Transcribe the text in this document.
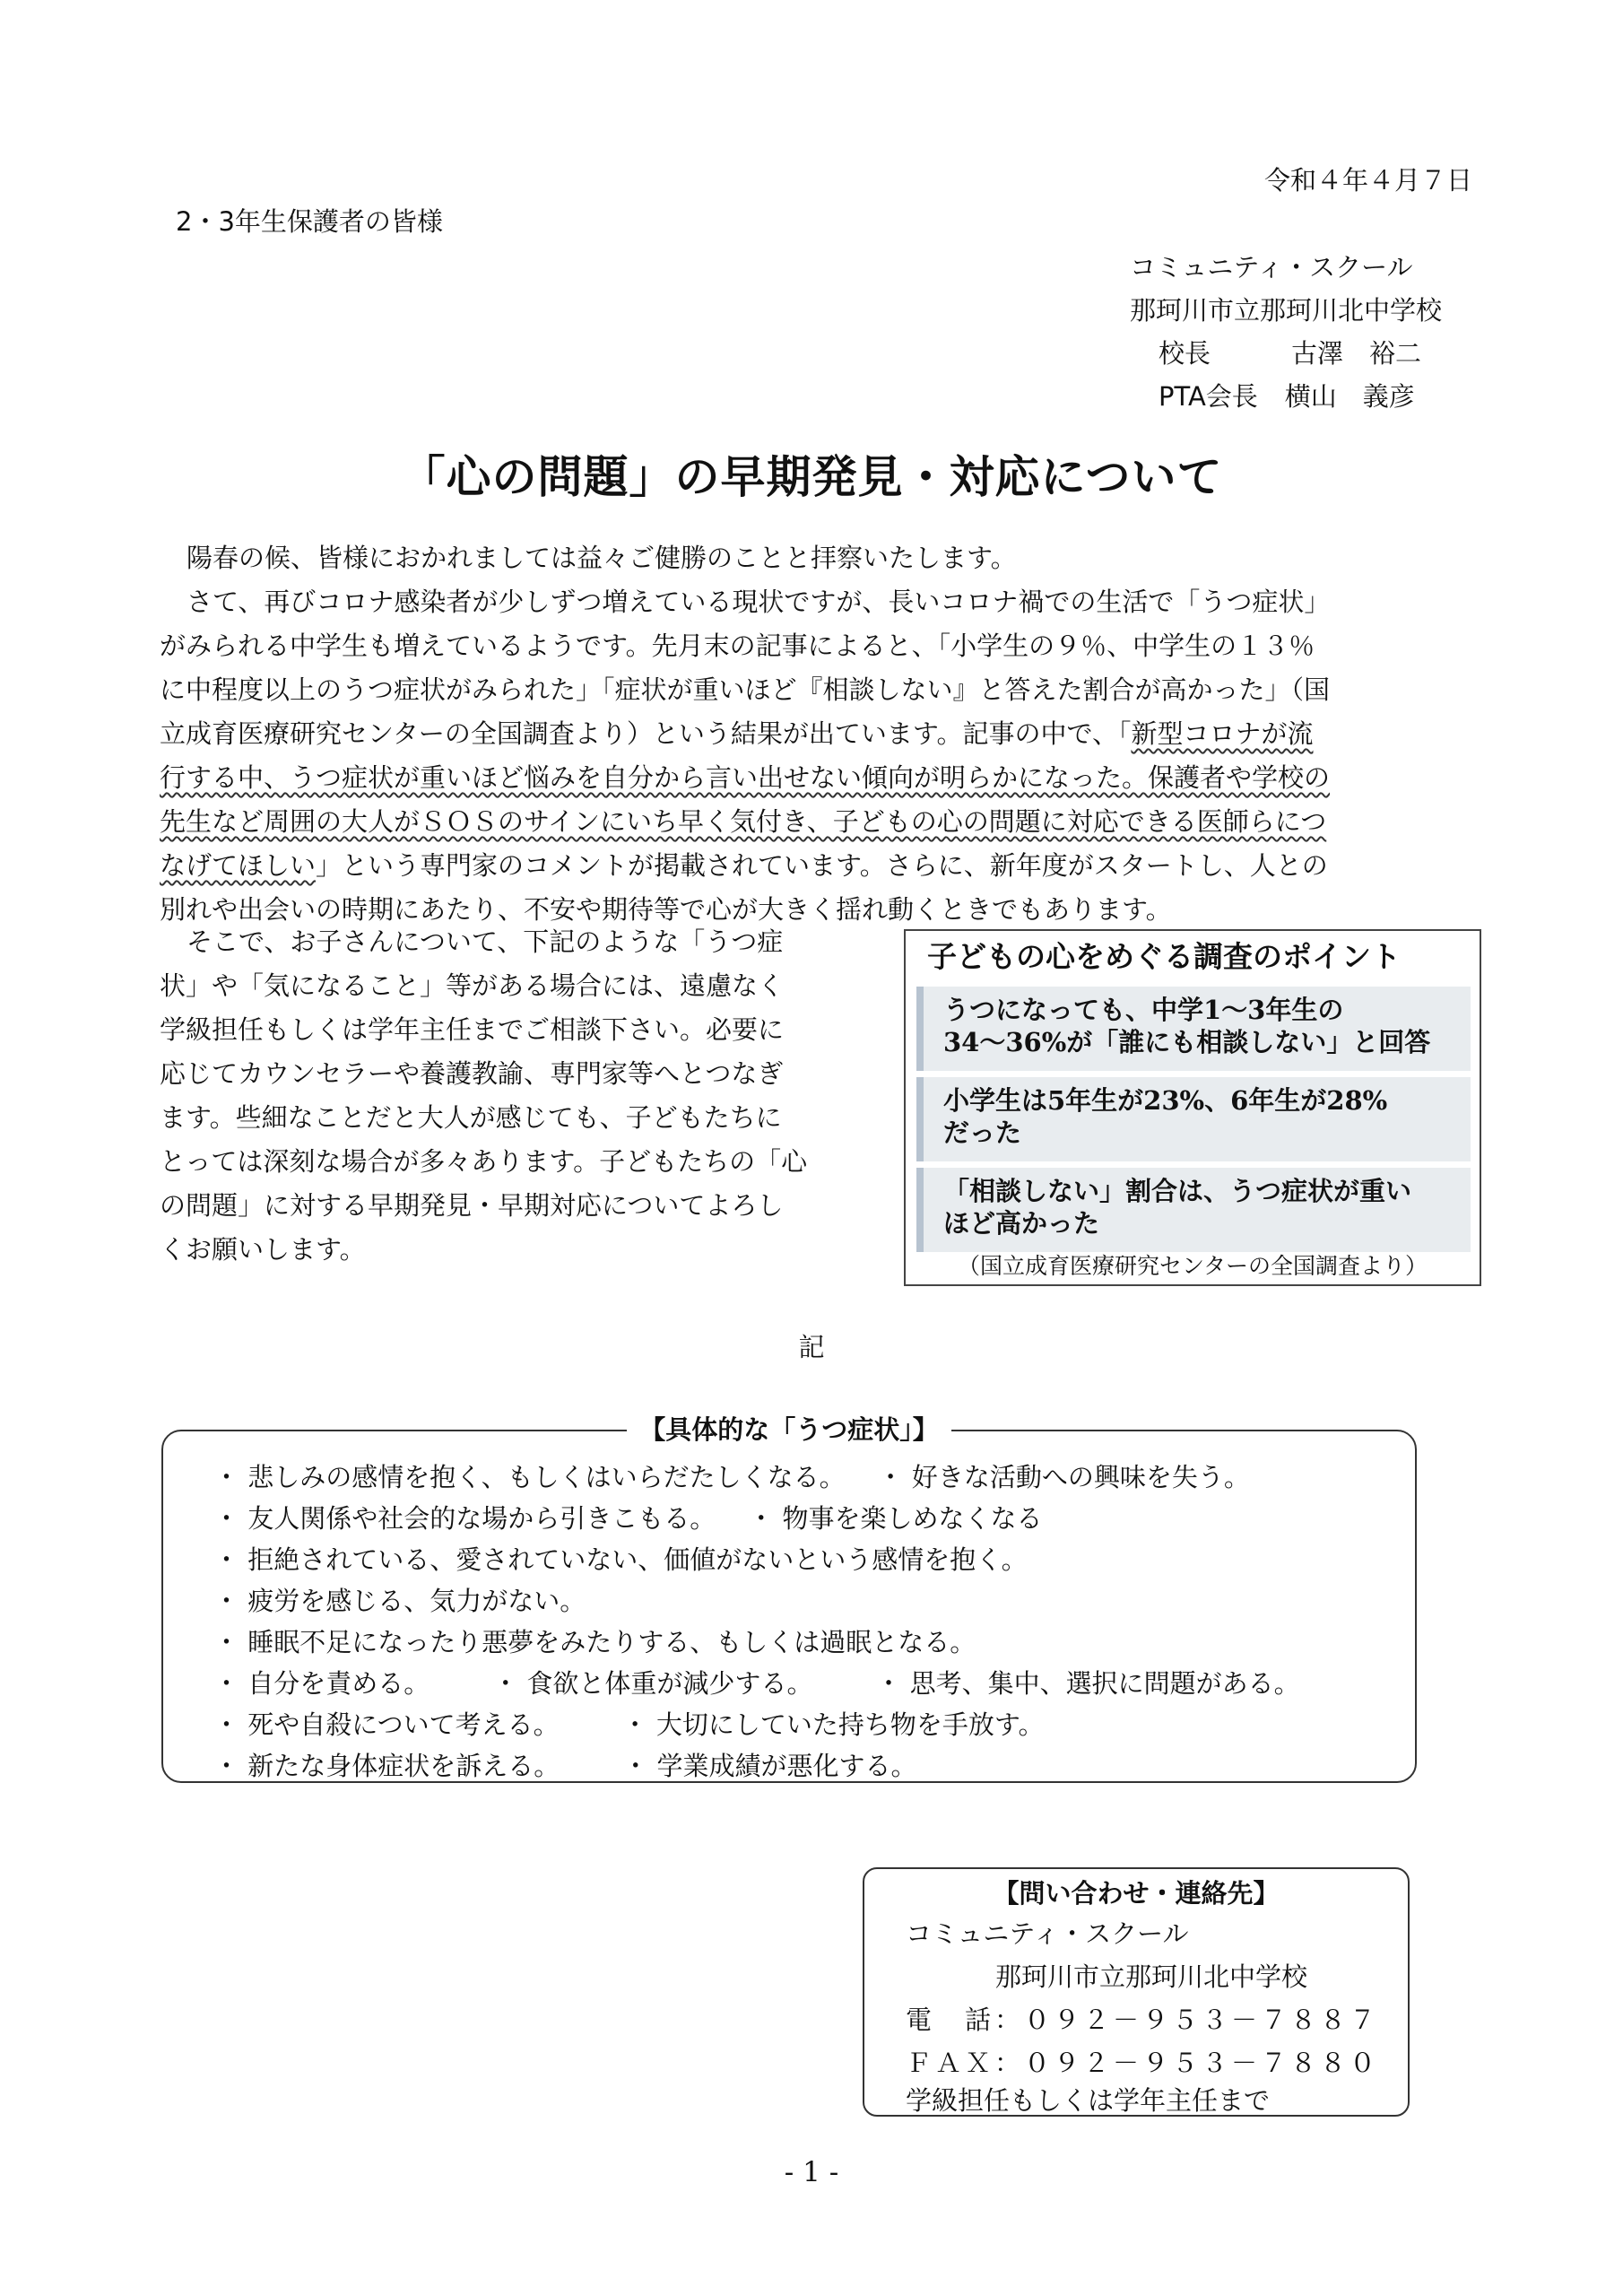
令和４年４月７日
2・3年生保護者の皆様
コミュニティ・スクール
那珂川市立那珂川北中学校
校長	古澤　裕二
PTA会長 横山　義彦
「心の問題」の早期発見・対応について
陽春の候、皆様におかれましては益々ご健勝のことと拝察いたします。
さて、再びコロナ感染者が少しずつ増えている現状ですが、長いコロナ禍での生活で「うつ症状」
がみられる中学生も増えているようです。先月末の記事によると、「小学生の９％、中学生の１３％
に中程度以上のうつ症状がみられた」「症状が重いほど『相談しない』と答えた割合が高かった」（国
立成育医療研究センターの全国調査より）という結果が出ています。記事の中で、「新型コロナが流
行する中、うつ症状が重いほど悩みを自分から言い出せない傾向が明らかになった。保護者や学校の
先生など周囲の大人がＳＯＳのサインにいち早く気付き、子どもの心の問題に対応できる医師らにつ
なげてほしい」という専門家のコメントが掲載されています。さらに、新年度がスタートし、人との
別れや出会いの時期にあたり、不安や期待等で心が大きく揺れ動くときでもあります。
そこで、お子さんについて、下記のような「うつ症
状」や「気になること」等がある場合には、遠慮なく
学級担任もしくは学年主任までご相談下さい。必要に
応じてカウンセラーや養護教諭、専門家等へとつなぎ
ます。些細なことだと大人が感じても、子どもたちに
とっては深刻な場合が多々あります。子どもたちの「心
の問題」に対する早期発見・早期対応についてよろし
くお願いします。
子どもの心をめぐる調査のポイント
うつになっても、中学1～3年生の
34～36%が「誰にも相談しない」と回答
小学生は5年生が23%、6年生が28%
だった
「相談しない」割合は、うつ症状が重い
ほど高かった
（国立成育医療研究センターの全国調査より）
記
【具体的な「うつ症状」】
・ 悲しみの感情を抱く、もしくはいらだたしくなる。 ・ 好きな活動への興味を失う。
・ 友人関係や社会的な場から引きこもる。 ・ 物事を楽しめなくなる
・ 拒絶されている、愛されていない、価値がないという感情を抱く。
・ 疲労を感じる、気力がない。
・ 睡眠不足になったり悪夢をみたりする、もしくは過眠となる。
・ 自分を責める。 ・ 食欲と体重が減少する。 ・ 思考、集中、選択に問題がある。
・ 死や自殺について考える。 ・ 大切にしていた持ち物を手放す。
・ 新たな身体症状を訴える。 ・ 学業成績が悪化する。
【問い合わせ・連絡先】
コミュニティ・スクール
那珂川市立那珂川北中学校
電　話：０９２－９５３－７８８７
ＦＡＸ：０９２－９５３－７８８０
学級担任もしくは学年主任まで
- 1 -
